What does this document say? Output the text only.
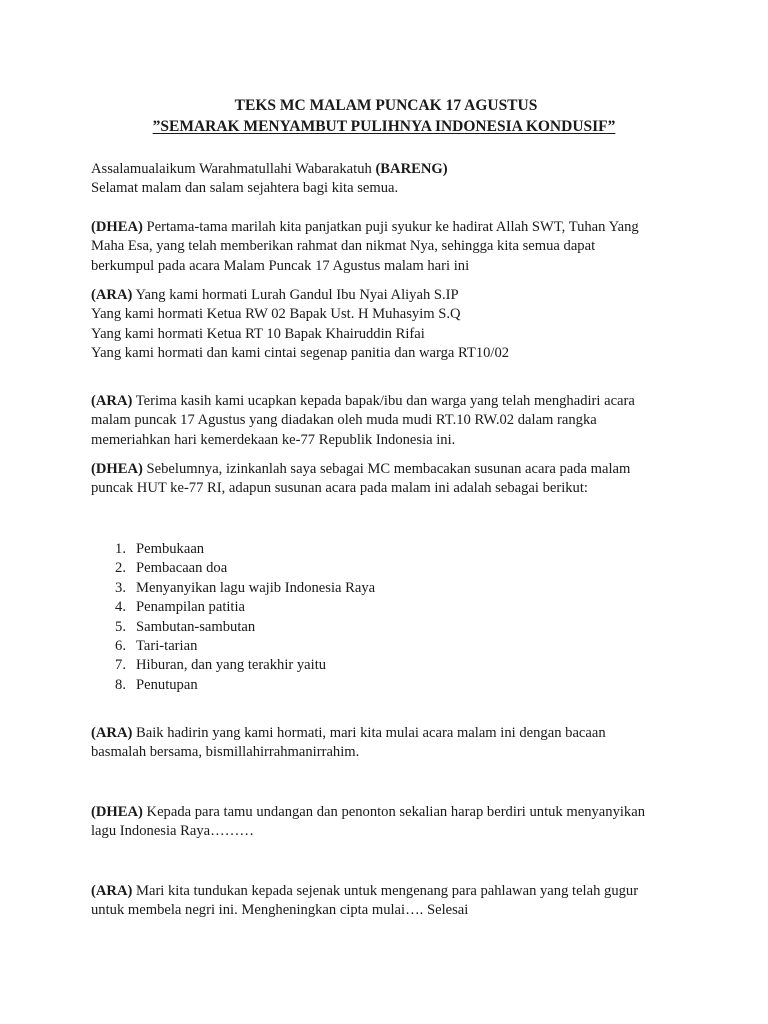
TEKS MC MALAM PUNCAK 17 AGUSTUS
”SEMARAK MENYAMBUT PULIHNYA INDONESIA KONDUSIF”
Assalamualaikum Warahmatullahi Wabarakatuh (BARENG)
Selamat malam dan salam sejahtera bagi kita semua.
(DHEA) Pertama-tama marilah kita panjatkan puji syukur ke hadirat Allah SWT, Tuhan Yang
Maha Esa, yang telah memberikan rahmat dan nikmat Nya, sehingga kita semua dapat
berkumpul pada acara Malam Puncak 17 Agustus malam hari ini
(ARA) Yang kami hormati Lurah Gandul Ibu Nyai Aliyah S.IP
Yang kami hormati Ketua RW 02 Bapak Ust. H Muhasyim S.Q
Yang kami hormati Ketua RT 10 Bapak Khairuddin Rifai
Yang kami hormati dan kami cintai segenap panitia dan warga RT10/02
(ARA) Terima kasih kami ucapkan kepada bapak/ibu dan warga yang telah menghadiri acara
malam puncak 17 Agustus yang diadakan oleh muda mudi RT.10 RW.02 dalam rangka
memeriahkan hari kemerdekaan ke-77 Republik Indonesia ini.
(DHEA) Sebelumnya, izinkanlah saya sebagai MC membacakan susunan acara pada malam
puncak HUT ke-77 RI, adapun susunan acara pada malam ini adalah sebagai berikut:
1. Pembukaan
2. Pembacaan doa
3. Menyanyikan lagu wajib Indonesia Raya
4. Penampilan patitia
5. Sambutan-sambutan
6. Tari-tarian
7. Hiburan, dan yang terakhir yaitu
8. Penutupan
(ARA) Baik hadirin yang kami hormati, mari kita mulai acara malam ini dengan bacaan
basmalah bersama, bismillahirrahmanirrahim.
(DHEA) Kepada para tamu undangan dan penonton sekalian harap berdiri untuk menyanyikan
lagu Indonesia Raya………
(ARA) Mari kita tundukan kepada sejenak untuk mengenang para pahlawan yang telah gugur
untuk membela negri ini. Mengheningkan cipta mulai…. Selesai
